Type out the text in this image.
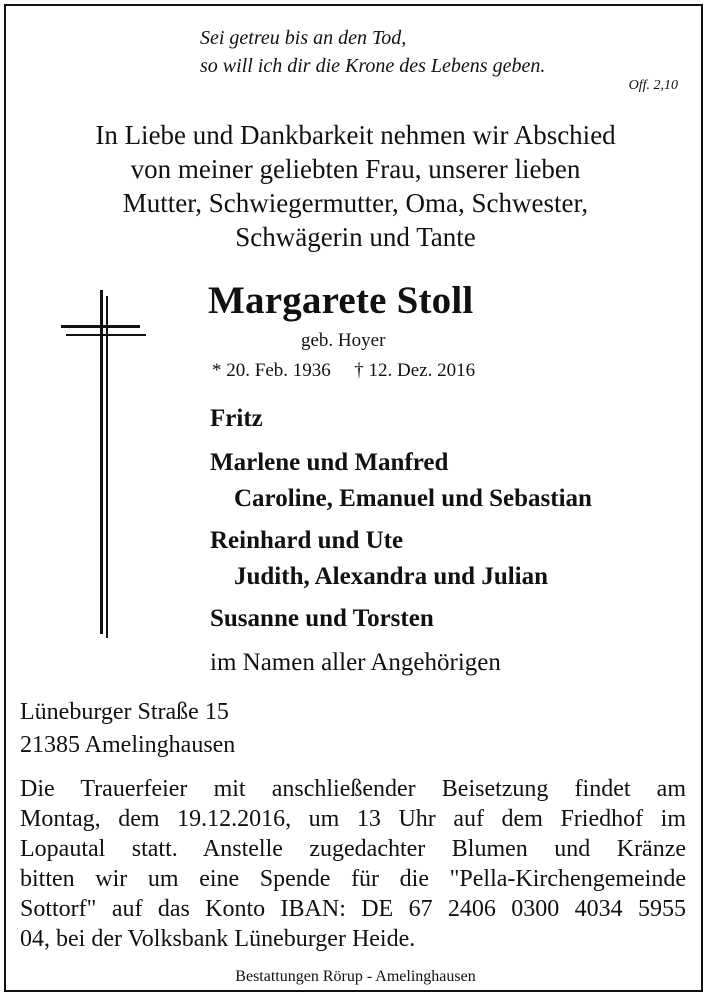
Sei getreu bis an den Tod,
so will ich dir die Krone des Lebens geben.
Off. 2,10
In Liebe und Dankbarkeit nehmen wir Abschied
von meiner geliebten Frau, unserer lieben
Mutter, Schwiegermutter, Oma, Schwester,
Schwägerin und Tante
Margarete Stoll
geb. Hoyer
* 20. Feb. 1936 † 12. Dez. 2016
Fritz
Marlene und Manfred
Caroline, Emanuel und Sebastian
Reinhard und Ute
Judith, Alexandra und Julian
Susanne und Torsten
im Namen aller Angehörigen
Lüneburger Straße 15
21385 Amelinghausen
Die Trauerfeier mit anschließender Beisetzung findet am
Montag, dem 19.12.2016, um 13 Uhr auf dem Friedhof im
Lopautal statt. Anstelle zugedachter Blumen und Kränze
bitten wir um eine Spende für die "Pella-Kirchengemeinde
Sottorf" auf das Konto IBAN: DE 67 2406 0300 4034 5955
04, bei der Volksbank Lüneburger Heide.
Bestattungen Rörup - Amelinghausen
